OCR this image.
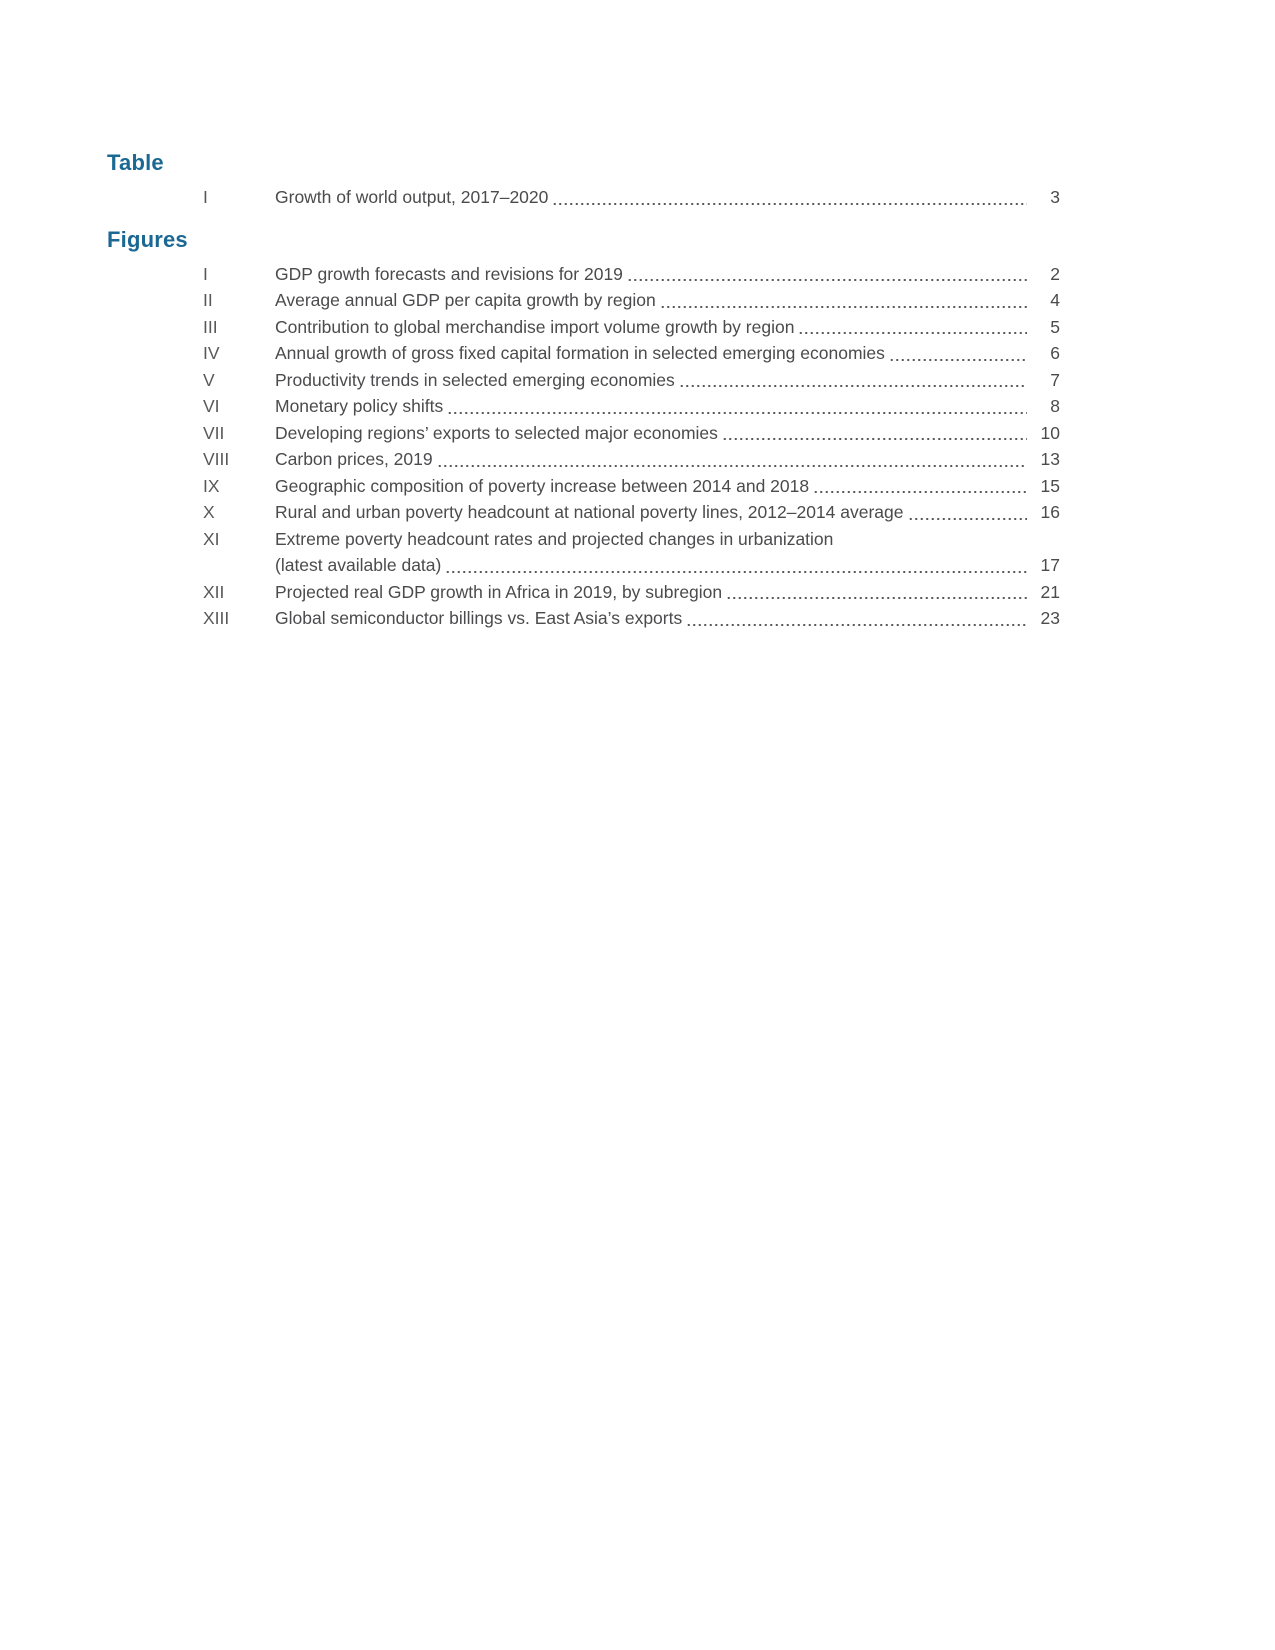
Table
I	Growth of world output, 2017–2020	3
Figures
I	GDP growth forecasts and revisions for 2019	2
II	Average annual GDP per capita growth by region	4
III	Contribution to global merchandise import volume growth by region	5
IV	Annual growth of gross fixed capital formation in selected emerging economies	6
V	Productivity trends in selected emerging economies	7
VI	Monetary policy shifts	8
VII	Developing regions’ exports to selected major economies	10
VIII	Carbon prices, 2019	13
IX	Geographic composition of poverty increase between 2014 and 2018	15
X	Rural and urban poverty headcount at national poverty lines, 2012–2014 average	16
XI	Extreme poverty headcount rates and projected changes in urbanization
(latest available data)	17
XII	Projected real GDP growth in Africa in 2019, by subregion	21
XIII	Global semiconductor billings vs. East Asia’s exports	23
